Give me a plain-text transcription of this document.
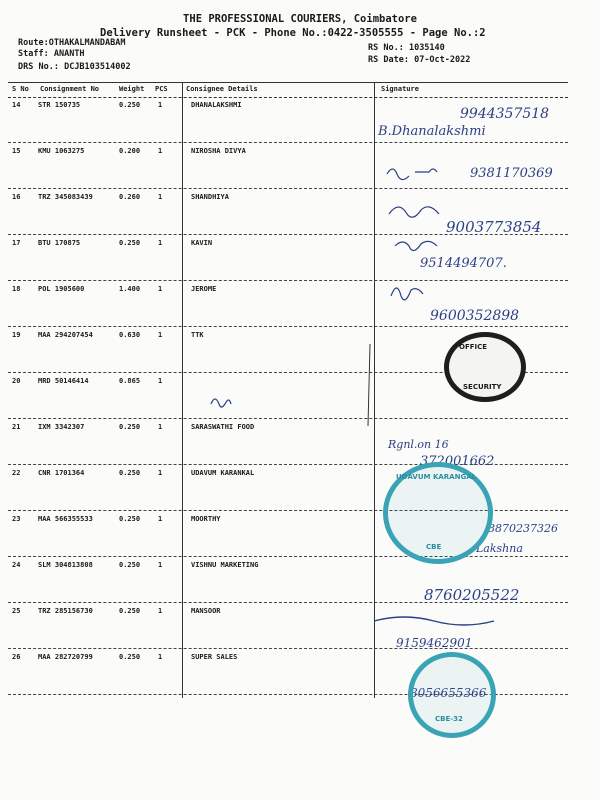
THE PROFESSIONAL COURIERS, Coimbatore
Delivery Runsheet - PCK - Phone No.:0422-3505555 - Page No.:2
Route:OTHAKALMANDABAM
Staff: ANANTH
DRS No.: DCJB103514002
RS No.: 1035140
RS Date: 07-Oct-2022
S No Consignment No	Weight PCS	Consignee Details	Signature
14	STR 150735	0.250	1	DHANALAKSHMI
15	KMU 1063275	0.200	1	NIROSHA DIVYA
16	TRZ 345083439	0.260	1	SHANDHIYA
17	BTU 170875	0.250	1	KAVIN
18	POL 1905600	1.400	1	JEROME
19	MAA 294207454	0.630	1	TTK
20	MRD 50146414	0.865	1
21	IXM 3342307	0.250	1	SARASWATHI FOOD
22	CNR 1701364	0.250	1	UDAVUM KARANKAL
23	MAA 566355533	0.250	1	MOORTHY
24	SLM 304813808	0.250	1	VISHNU MARKETING
25	TRZ 285156730	0.250	1	MANSOOR
26	MAA 282720799	0.250	1	SUPER SALES
9944357518
B.Dhanalakshmi
9381170369
9003773854
9514494707.
9600352898
Rgnl.on 16
372001662
8870237326
Lakshna
8760205522
9159462901
8056655366
OFFICE
SECURITY
UDAVUM KARANGAL
CBE
CBE-32
